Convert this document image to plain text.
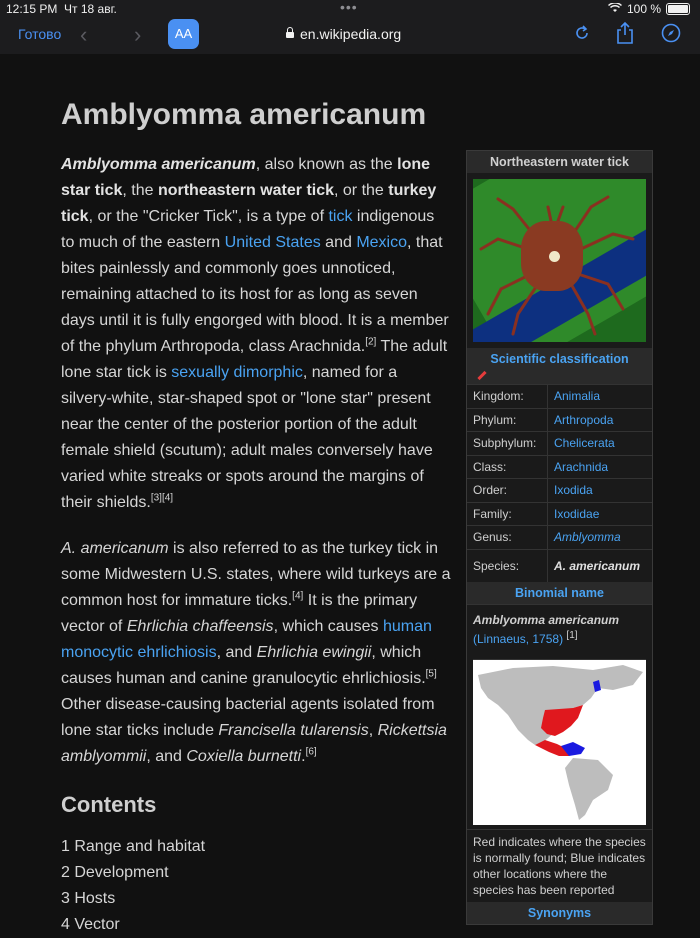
12:15 PM Чт 18 авг.	•••	100 %
Готово ‹ ›	AA	en.wikipedia.org
Amblyomma americanum

Amblyomma americanum, also known as the lone star tick, the northeastern water tick, or the turkey tick, or the "Cricker Tick", is a type of tick indigenous to much of the eastern United States and Mexico, that bites painlessly and commonly goes unnoticed, remaining attached to its host for as long as seven days until it is fully engorged with blood. It is a member of the phylum Arthropoda, class Arachnida.[2] The adult lone star tick is sexually dimorphic, named for a silvery-white, star-shaped spot or "lone star" present near the center of the posterior portion of the adult female shield (scutum); adult males conversely have varied white streaks or spots around the margins of their shields.[3][4]

A. americanum is also referred to as the turkey tick in some Midwestern U.S. states, where wild turkeys are a common host for immature ticks.[4] It is the primary vector of Ehrlichia chaffeensis, which causes human monocytic ehrlichiosis, and Ehrlichia ewingii, which causes human and canine granulocytic ehrlichiosis.[5] Other disease-causing bacterial agents isolated from lone star ticks include Francisella tularensis, Rickettsia amblyommii, and Coxiella burnetti.[6]

Contents
1 Range and habitat
2 Development
3 Hosts
4 Vector
Northeastern water tick
Scientific classification
Kingdom:	Animalia
Phylum:	Arthropoda
Subphylum:	Chelicerata
Class:	Arachnida
Order:	Ixodida
Family:	Ixodidae
Genus:	Amblyomma
Species:	A. americanum
Binomial name
Amblyomma americanum
(Linnaeus, 1758) [1]
Red indicates where the species is normally found; Blue indicates other locations where the species has been reported
Synonyms
